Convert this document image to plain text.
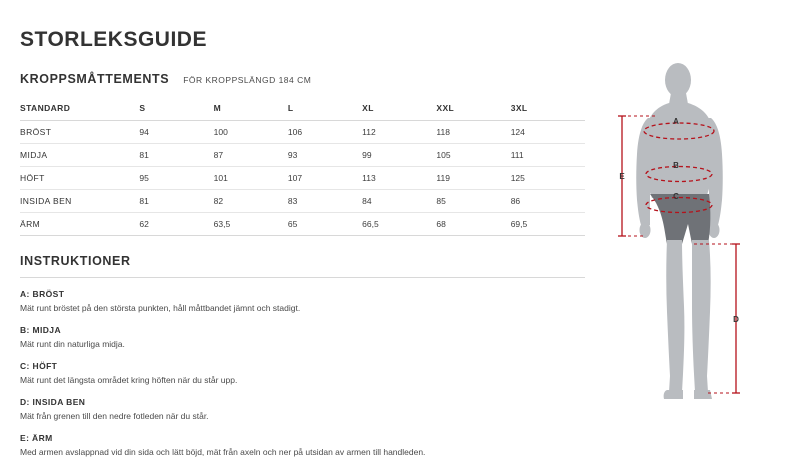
STORLEKSGUIDE
KROPPSMÅTTEMENTS FÖR KROPPSLÄNGD 184 CM
STANDARD	S	M	L	XL	XXL	3XL
BRÖST	94	100	106	112	118	124
MIDJA	81	87	93	99	105	111
HÖFT	95	101	107	113	119	125
INSIDA BEN	81	82	83	84	85	86
ÄRM	62	63,5	65	66,5	68	69,5
INSTRUKTIONER
A: BRÖST

Mät runt bröstet på den största punkten, håll måttbandet jämnt och stadigt.

B: MIDJA

Mät runt din naturliga midja.

C: HÖFT

Mät runt det längsta området kring höften när du står upp.

D: INSIDA BEN

Mät från grenen till den nedre fotleden när du står.

E: ÄRM

Med armen avslappnad vid din sida och lätt böjd, mät från axeln och ner på utsidan av armen till handleden.

A
B
C
D
E
